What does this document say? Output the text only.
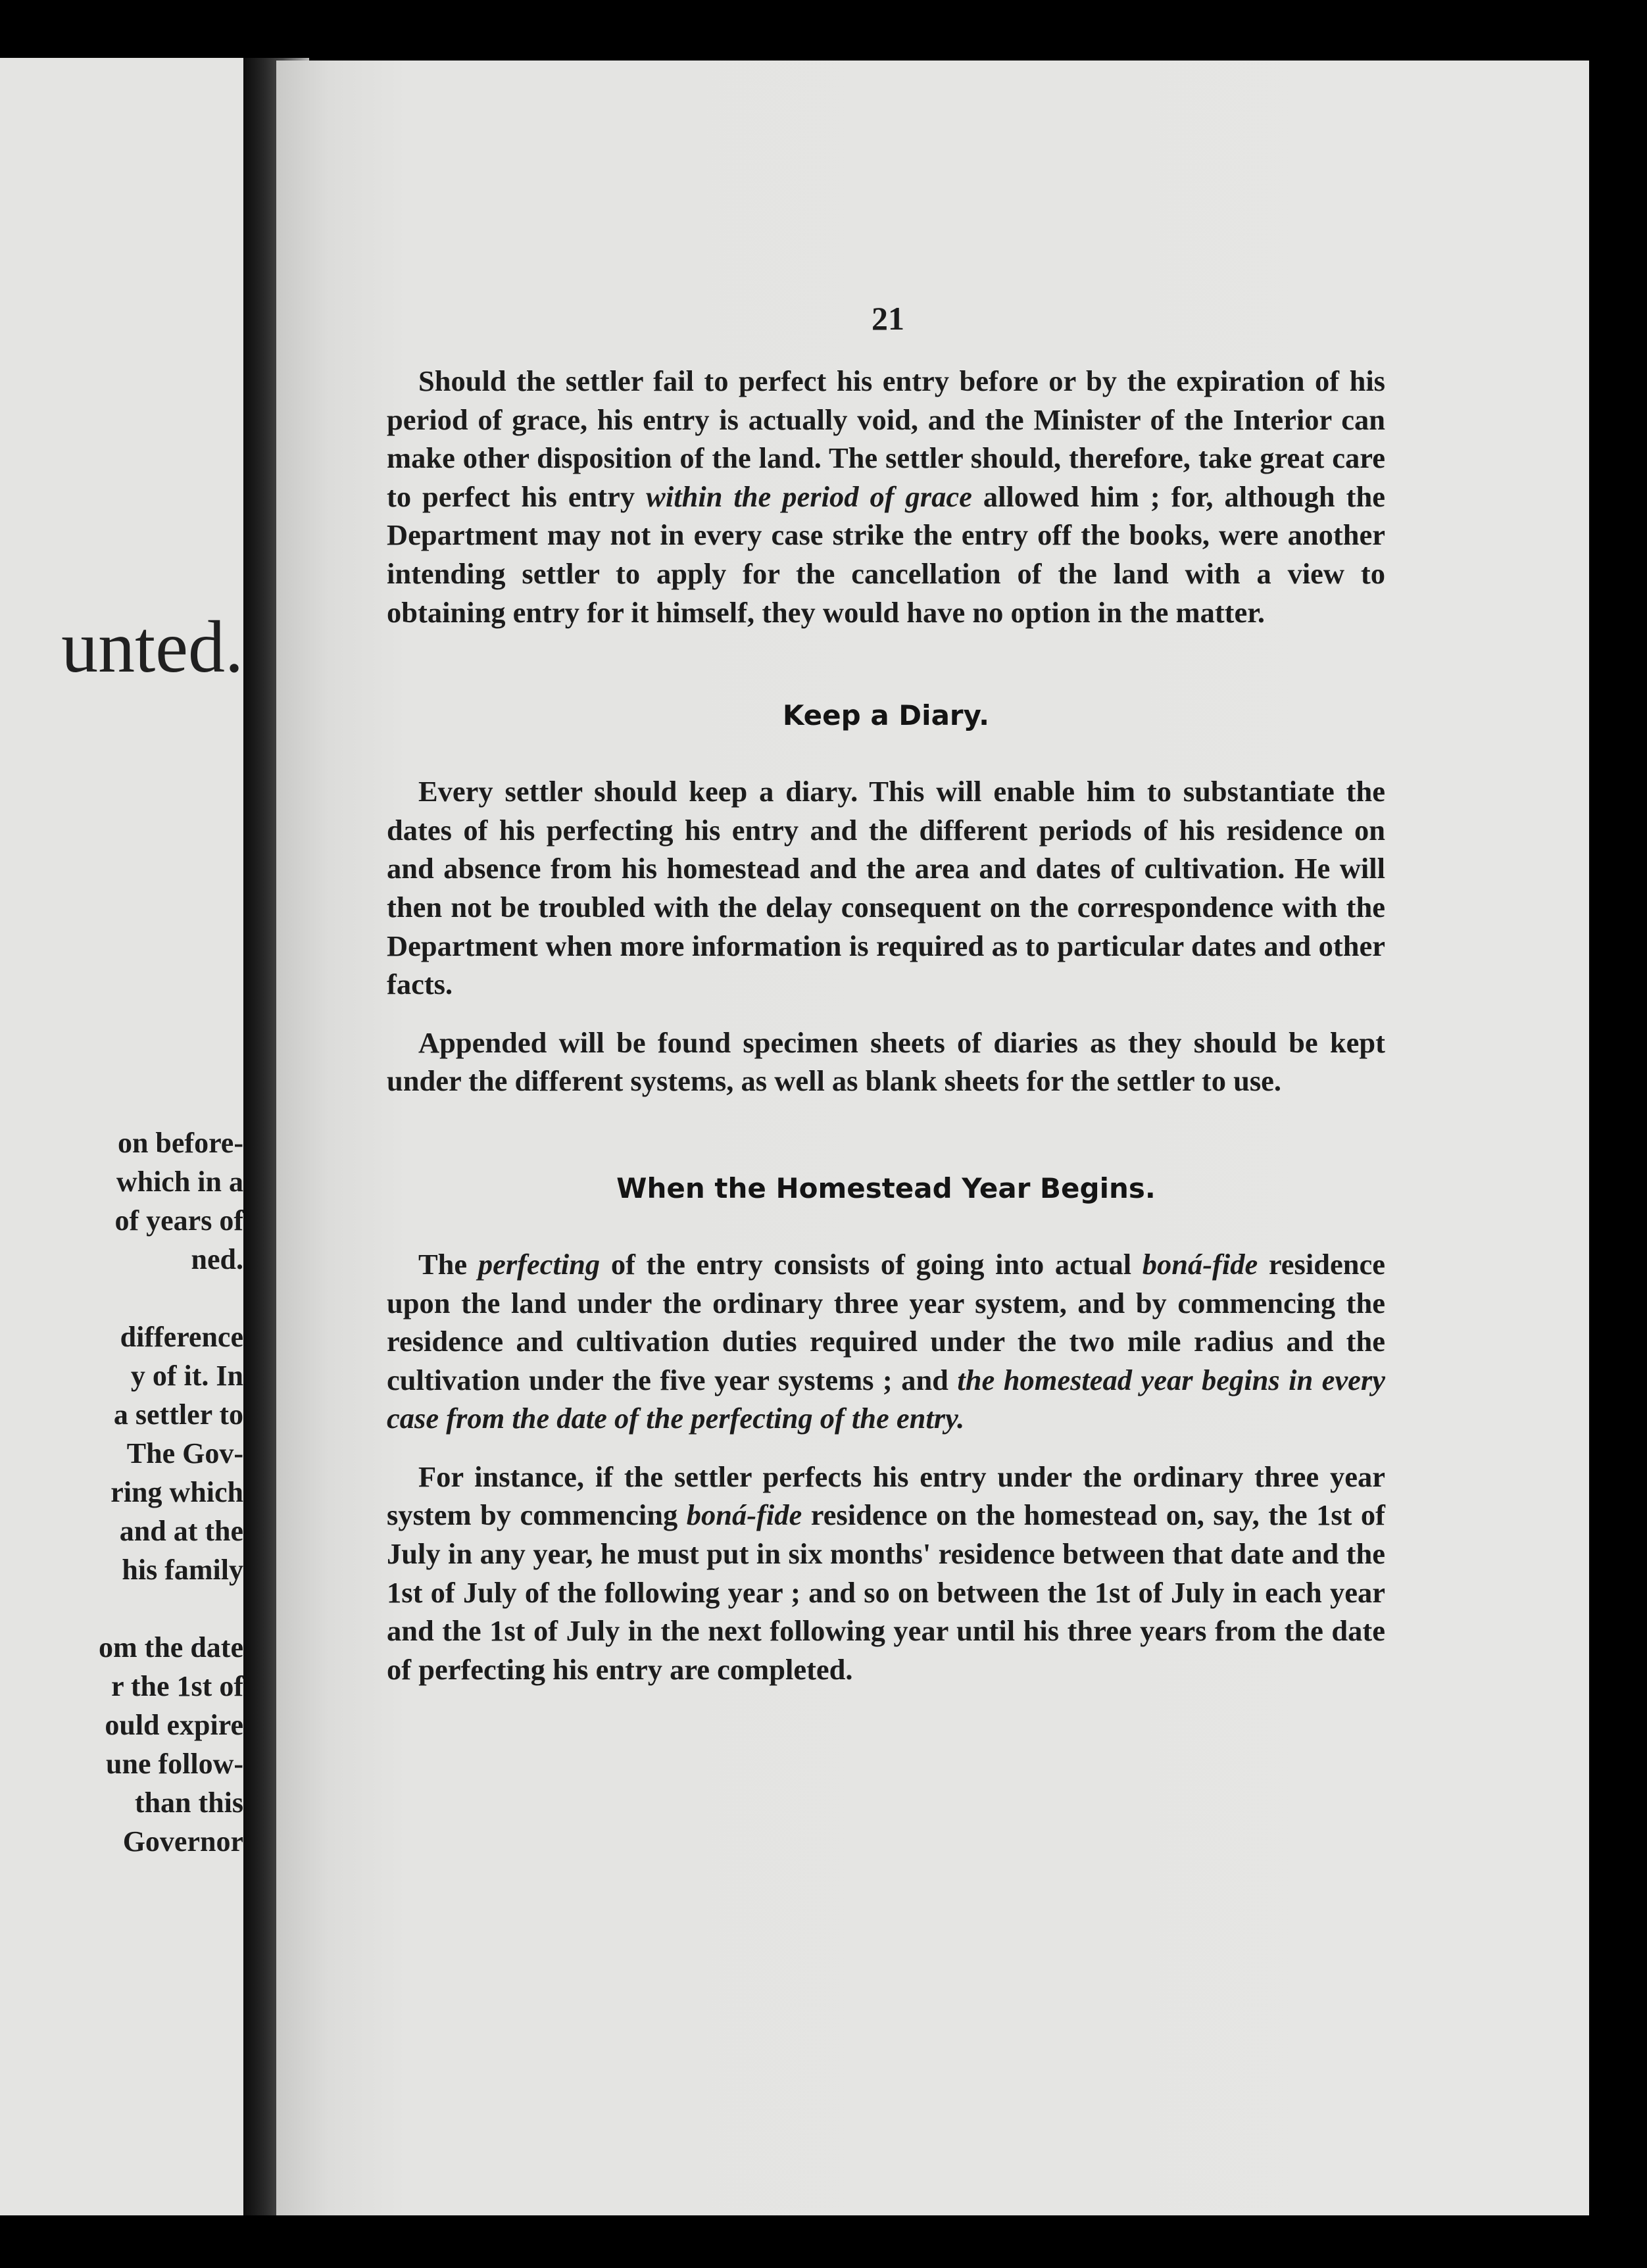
unted.
on before-
which in a
of years of
ned.
difference
y of it. In
a settler to
The Gov-
ring which
and at the
his family
om the date
r the 1st of
ould expire
une follow-
than this
Governor
21

Should the settler fail to perfect his entry before or by the expiration of his period of grace, his entry is actually void, and the Minister of the Interior can make other disposition of the land. The settler should, therefore, take great care to perfect his entry within the period of grace allowed him ; for, although the Department may not in every case strike the entry off the books, were another intending settler to apply for the cancellation of the land with a view to obtaining entry for it himself, they would have no option in the matter.

Keep a Diary.

Every settler should keep a diary. This will enable him to substantiate the dates of his perfecting his entry and the different periods of his residence on and absence from his homestead and the area and dates of cultivation. He will then not be troubled with the delay consequent on the correspondence with the Department when more information is required as to particular dates and other facts.

Appended will be found specimen sheets of diaries as they should be kept under the different systems, as well as blank sheets for the settler to use.

When the Homestead Year Begins.

The perfecting of the entry consists of going into actual boná-fide residence upon the land under the ordinary three year system, and by commencing the residence and cultivation duties required under the two mile radius and the cultivation under the five year systems ; and the homestead year begins in every case from the date of the perfecting of the entry.

For instance, if the settler perfects his entry under the ordinary three year system by commencing boná-fide residence on the homestead on, say, the 1st of July in any year, he must put in six months' residence between that date and the 1st of July of the following year ; and so on between the 1st of July in each year and the 1st of July in the next following year until his three years from the date of perfecting his entry are completed.
